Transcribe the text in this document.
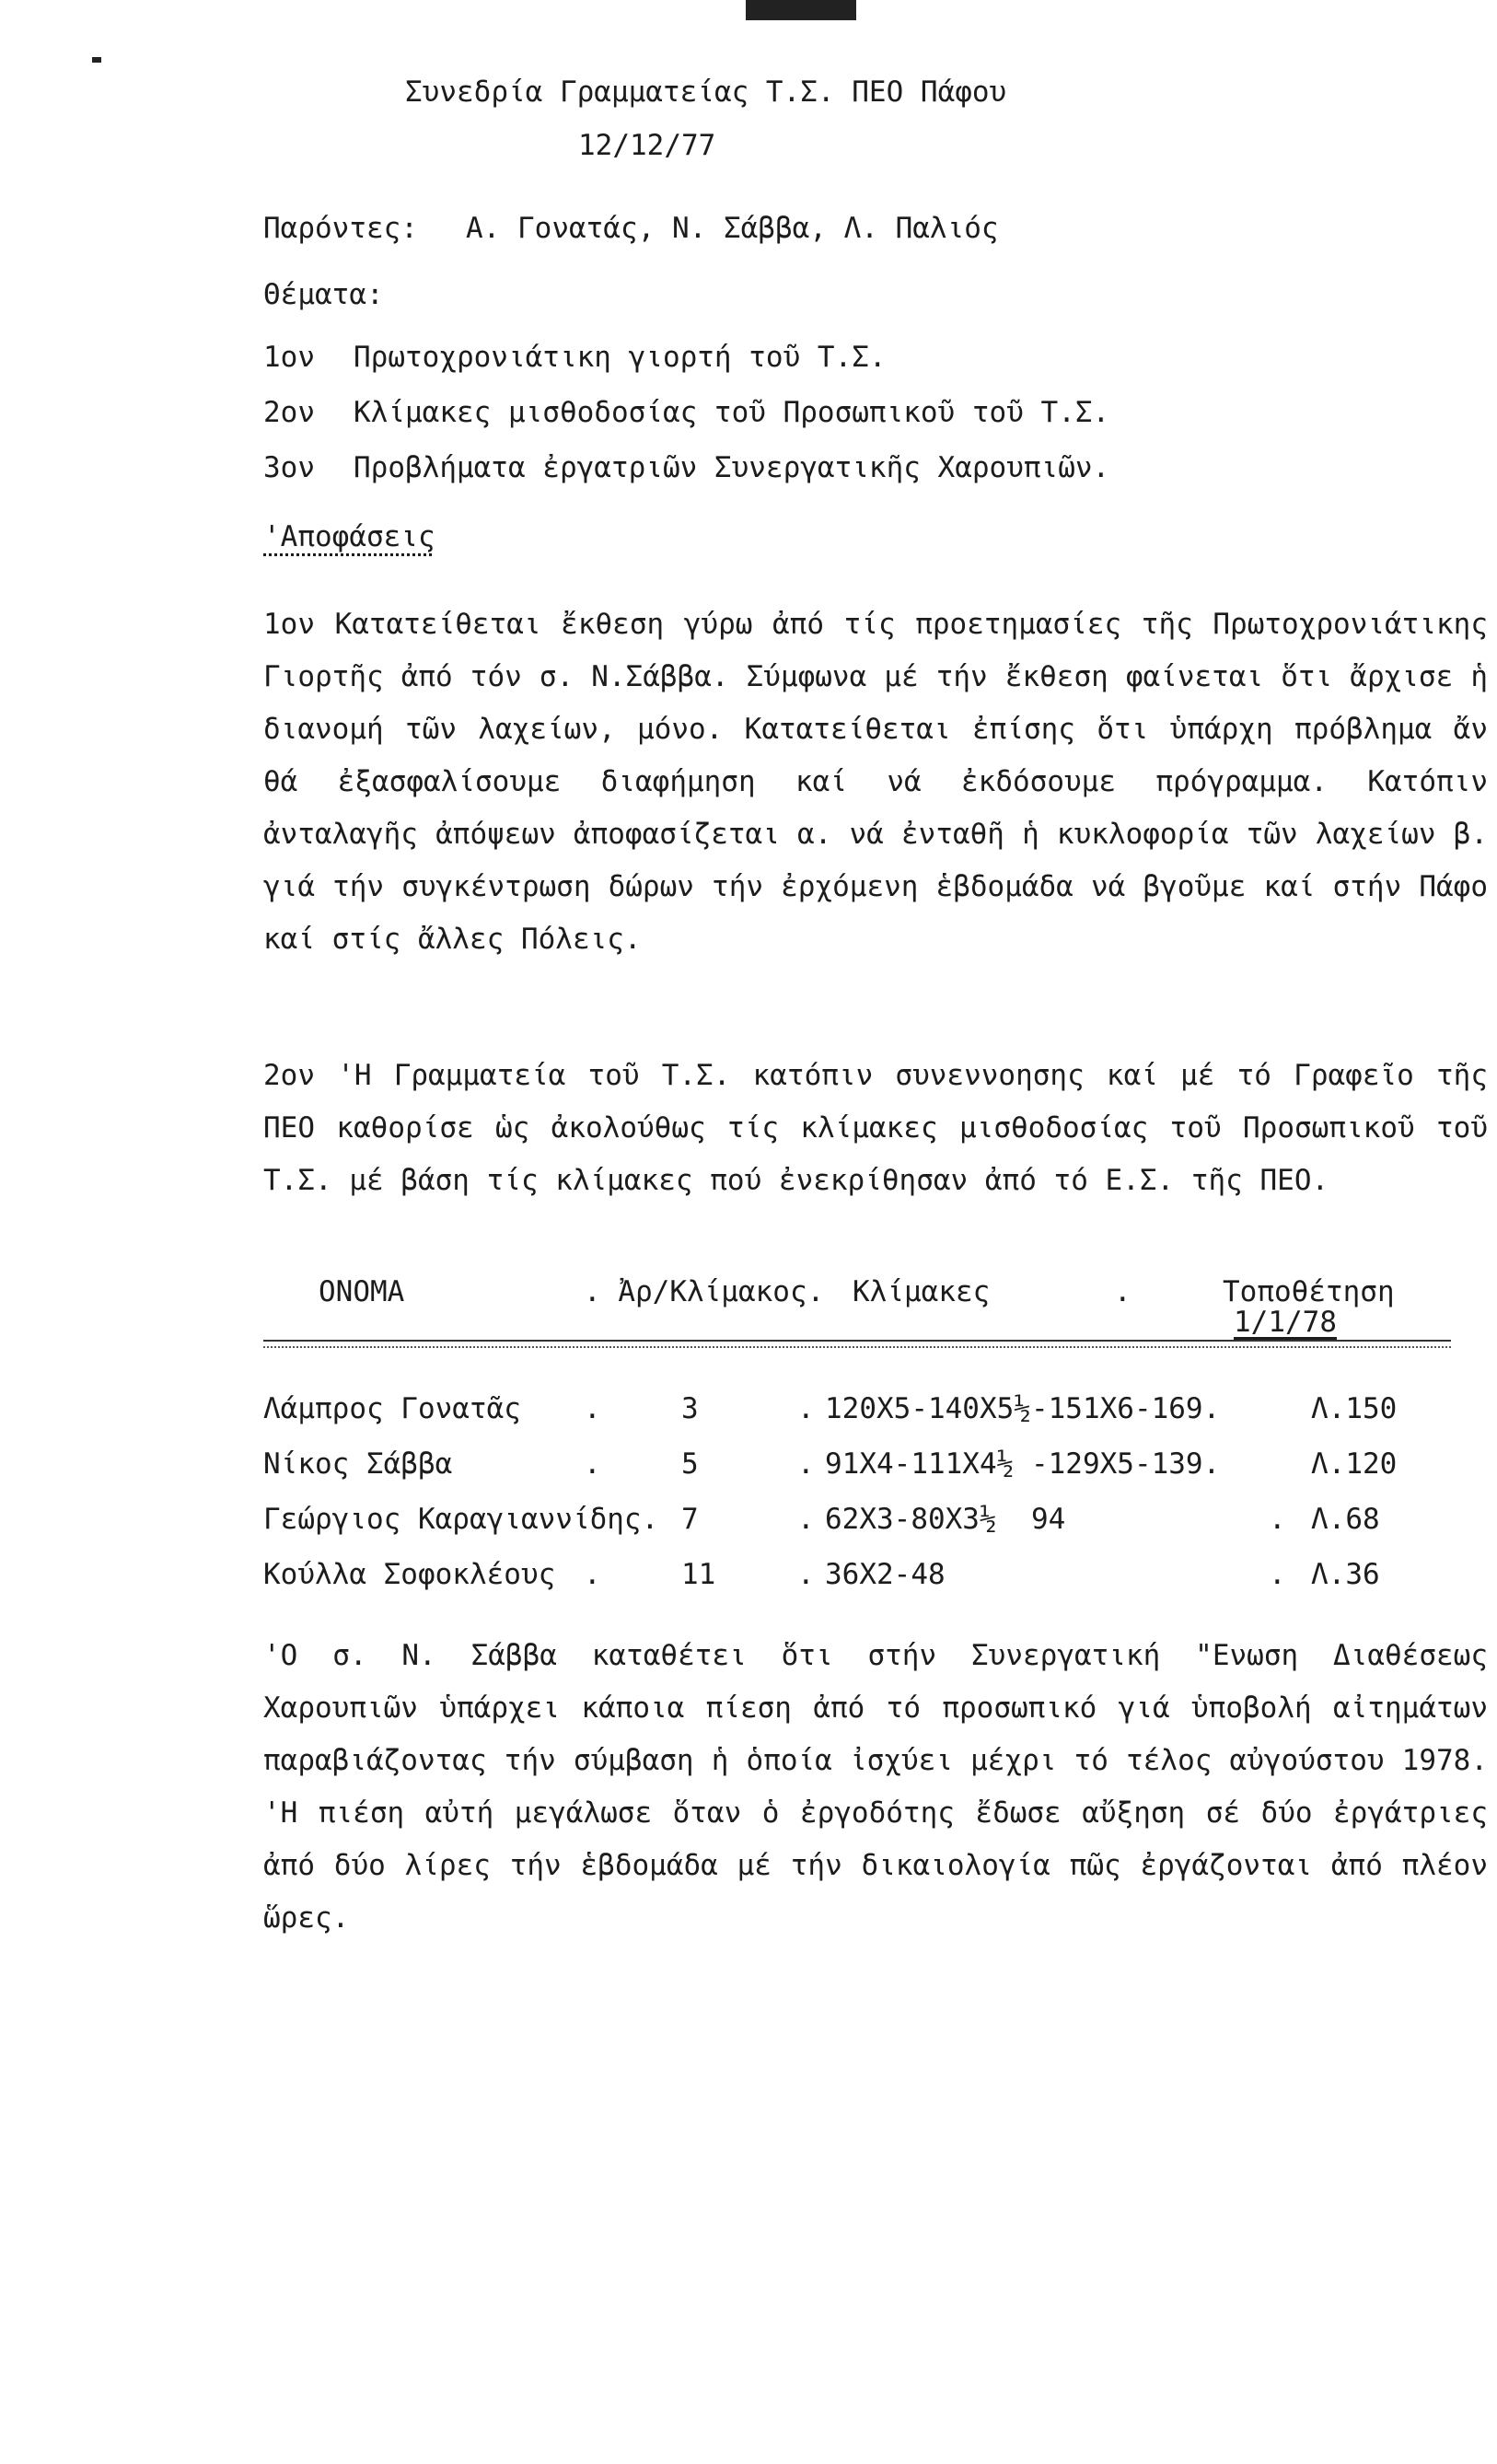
Συνεδρία Γραμματείας Τ.Σ. ΠΕΟ Πάφου
12/12/77
Παρόντες: Α. Γονατάς, Ν. Σάββα, Λ. Παλιός
Θέματα:
1ον Πρωτοχρονιάτικη γιορτή τοῦ Τ.Σ.
2ον Κλίμακες μισθοδοσίας τοῦ Προσωπικοῦ τοῦ Τ.Σ.
3ον Προβλήματα ἐργατριῶν Συνεργατικῆς Χαρουπιῶν.
'Αποφάσεις
1ον Κατατείθεται ἔκθεση γύρω ἀπό τίς προετημασίες τῆς Πρωτοχρονιάτικης Γιορτῆς ἀπό τόν σ. Ν.Σάββα. Σύμφωνα μέ τήν ἔκθεση φαίνεται ὅτι ἄρχισε ἡ διανομή τῶν λαχείων, μόνο. Κατατείθεται ἐπίσης ὅτι ὑπάρχη πρόβλημα ἄν θά ἐξασφαλίσουμε διαφήμηση καί νά ἐκδόσουμε πρόγραμμα. Κατόπιν ἀνταλαγῆς ἀπόψεων ἀποφασίζεται α. νά ἐνταθῆ ἡ κυκλοφορία τῶν λαχείων β. γιά τήν συγκέντρωση δώρων τήν ἐρχόμενη ἑβδομάδα νά βγοῦμε καί στήν Πάφο καί στίς ἄλλες Πόλεις.
2ον 'Η Γραμματεία τοῦ Τ.Σ. κατόπιν συνεννοησης καί μέ τό Γραφεῖο τῆς ΠΕΟ καθορίσε ὡς ἀκολούθως τίς κλίμακες μισθοδοσίας τοῦ Προσωπικοῦ τοῦ Τ.Σ. μέ βάση τίς κλίμακες πού ἐνεκρίθησαν ἀπό τό Ε.Σ. τῆς ΠΕΟ.
ΟΝΟΜΑ	. Ἀρ/Κλίμακος. Κλίμακες	.	Τοποθέτηση
1/1/78
Λάμπρος Γονατᾶς .	3	. 120Χ5-140Χ5½-151Χ6-169.	Λ.150
Νίκος Σάββα	.	5	. 91Χ4-111Χ4½ -129Χ5-139.	Λ.120
Γεώργιος Καραγιαννίδης. 7	. 62Χ3-80Χ3½  94	. Λ.68
Κούλλα Σοφοκλέους .	11	. 36Χ2-48	. Λ.36
'Ο σ. Ν. Σάββα καταθέτει ὅτι στήν Συνεργατική "Ενωση Διαθέσεως Χαρουπιῶν ὑπάρχει κάποια πίεση ἀπό τό προσωπικό γιά ὑποβολή αἰτημάτων παραβιάζοντας τήν σύμβαση ἡ ὁποία ἰσχύει μέχρι τό τέλος αὐγούστου 1978. 'Η πιέση αὐτή μεγάλωσε ὅταν ὁ ἐργοδότης ἔδωσε αὔξηση σέ δύο ἐργάτριες ἀπό δύο λίρες τήν ἑβδομάδα μέ τήν δικαιολογία πῶς ἐργάζονται ἀπό πλέον ὥρες.
